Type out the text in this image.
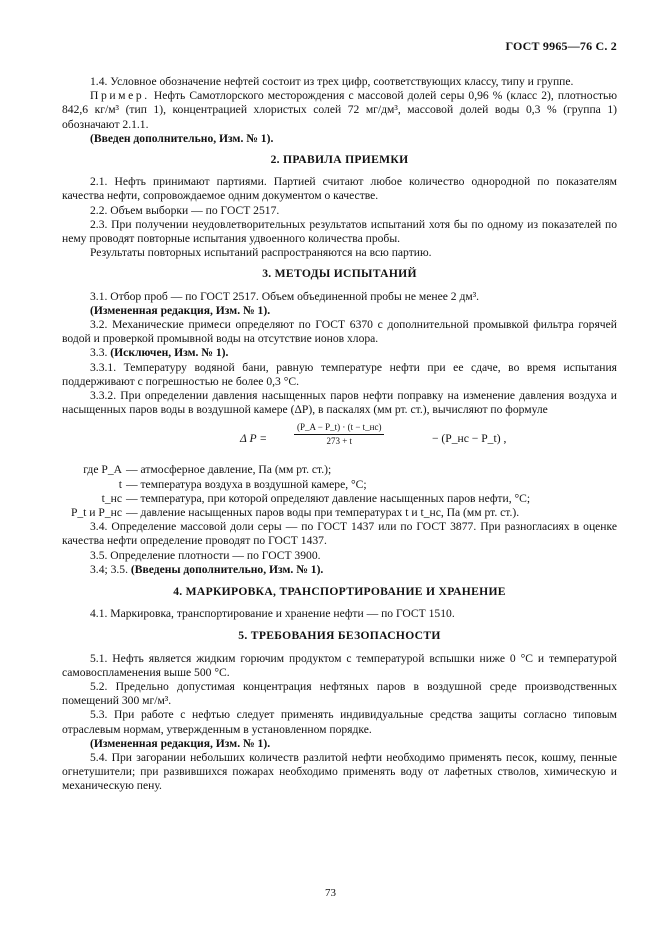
ГОСТ 9965—76 С. 2

1.4. Условное обозначение нефтей состоит из трех цифр, соответствующих классу, типу и группе.

Пример. Нефть Самотлорского месторождения с массовой долей серы 0,96 % (класс 2), плотностью 842,6 кг/м³ (тип 1), концентрацией хлористых солей 72 мг/дм³, массовой долей воды 0,3 % (группа 1) обозначают 2.1.1.

(Введен дополнительно, Изм. № 1).

2. ПРАВИЛА ПРИЕМКИ

2.1. Нефть принимают партиями. Партией считают любое количество однородной по показателям качества нефти, сопровождаемое одним документом о качестве.

2.2. Объем выборки — по ГОСТ 2517.

2.3. При получении неудовлетворительных результатов испытаний хотя бы по одному из показателей по нему проводят повторные испытания удвоенного количества пробы.

Результаты повторных испытаний распространяются на всю партию.

3. МЕТОДЫ ИСПЫТАНИЙ

3.1. Отбор проб — по ГОСТ 2517. Объем объединенной пробы не менее 2 дм³.

(Измененная редакция, Изм. № 1).

3.2. Механические примеси определяют по ГОСТ 6370 с дополнительной промывкой фильтра горячей водой и проверкой промывной воды на отсутствие ионов хлора.

3.3. (Исключен, Изм. № 1).

3.3.1. Температуру водяной бани, равную температуре нефти при ее сдаче, во время испытания поддерживают с погрешностью не более 0,3 °С.

3.3.2. При определении давления насыщенных паров нефти поправку на изменение давления воздуха и насыщенных паров воды в воздушной камере (ΔP), в паскалях (мм рт. ст.), вычисляют по формуле

Δ P =
(P_A − P_t) · (t − t_нс)
273 + t	− (P_нс − P_t) ,
где P_A — атмосферное давление, Па (мм рт. ст.);
t — температура воздуха в воздушной камере, °С;
t_нс — температура, при которой определяют давление насыщенных паров нефти, °С;
P_t и P_нс — давление насыщенных паров воды при температурах t и t_нс, Па (мм рт. ст.).

3.4. Определение массовой доли серы — по ГОСТ 1437 или по ГОСТ 3877. При разногласиях в оценке качества нефти определение проводят по ГОСТ 1437.

3.5. Определение плотности — по ГОСТ 3900.

3.4; 3.5. (Введены дополнительно, Изм. № 1).

4. МАРКИРОВКА, ТРАНСПОРТИРОВАНИЕ И ХРАНЕНИЕ

4.1. Маркировка, транспортирование и хранение нефти — по ГОСТ 1510.

5. ТРЕБОВАНИЯ БЕЗОПАСНОСТИ

5.1. Нефть является жидким горючим продуктом с температурой вспышки ниже 0 °С и температурой самовоспламенения выше 500 °С.

5.2. Предельно допустимая концентрация нефтяных паров в воздушной среде производственных помещений 300 мг/м³.

5.3. При работе с нефтью следует применять индивидуальные средства защиты согласно типовым отраслевым нормам, утвержденным в установленном порядке.

(Измененная редакция, Изм. № 1).

5.4. При загорании небольших количеств разлитой нефти необходимо применять песок, кошму, пенные огнетушители; при развившихся пожарах необходимо применять воду от лафетных стволов, химическую и механическую пену.

73
